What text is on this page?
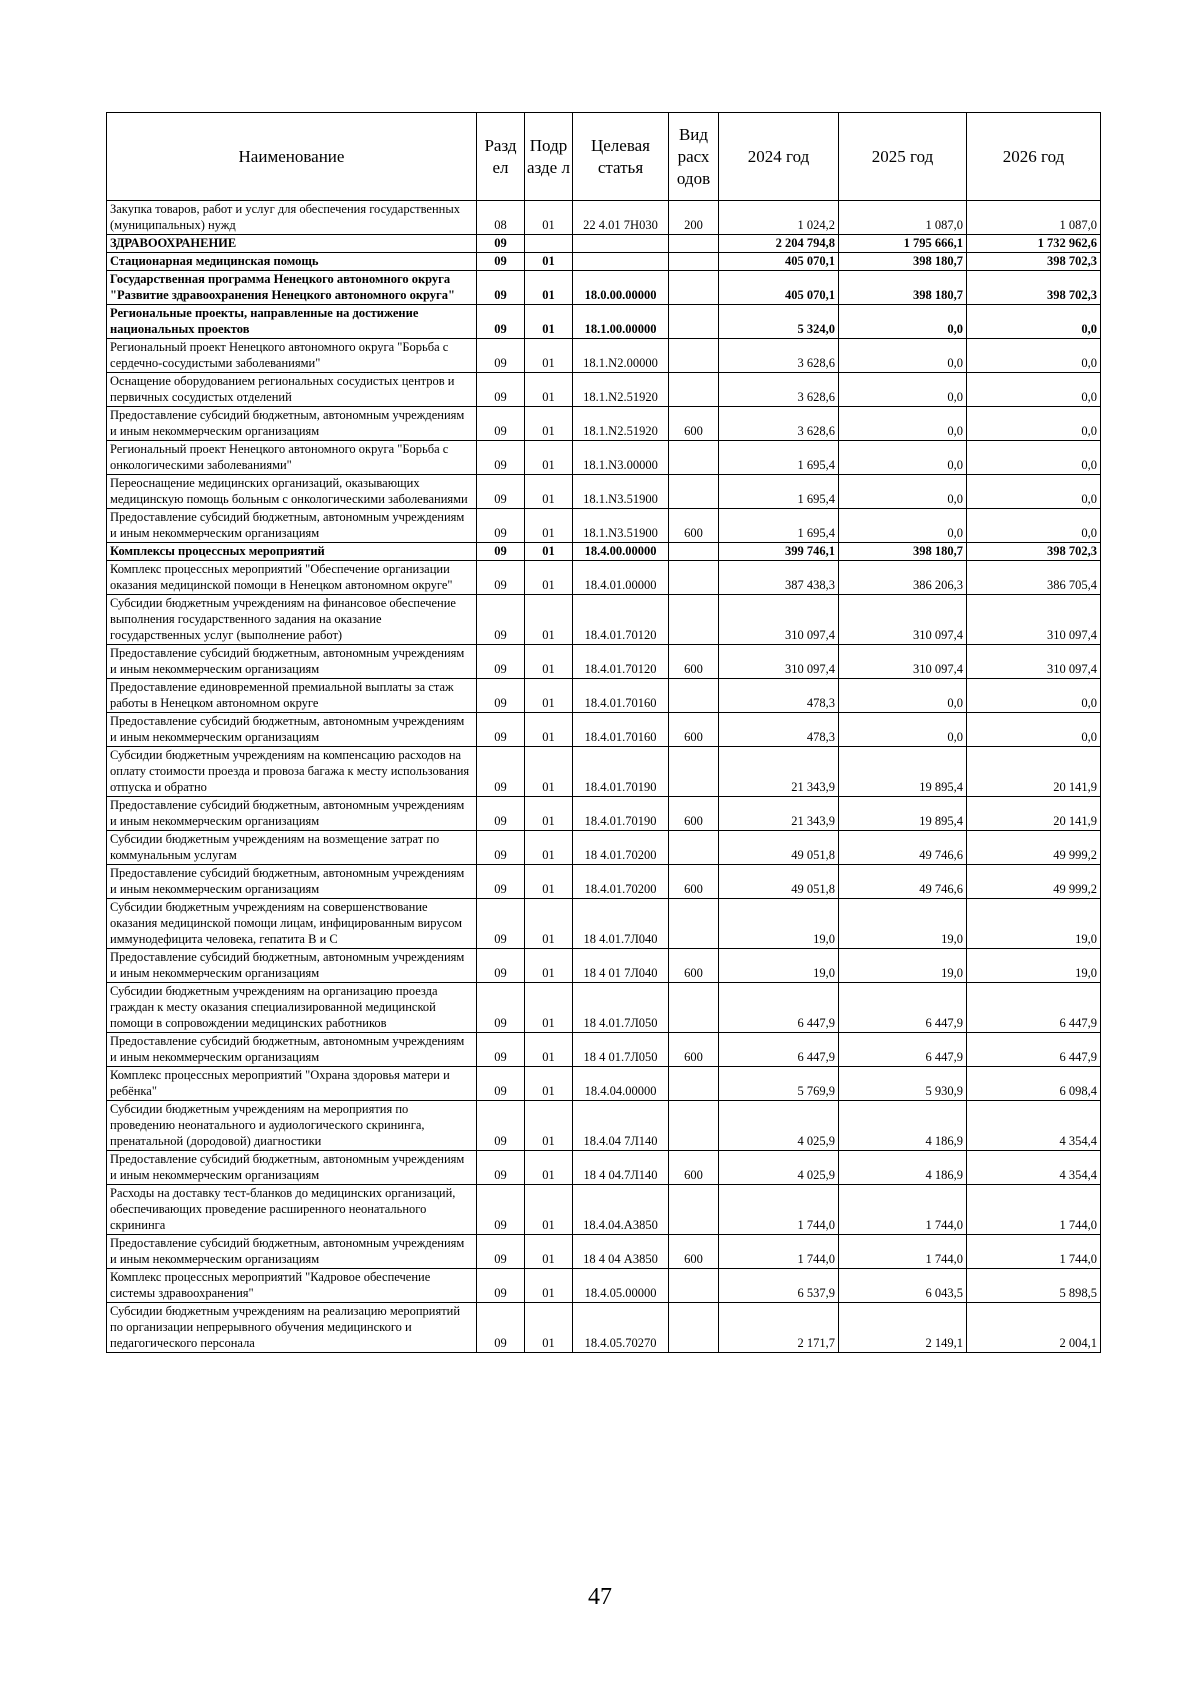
Наименование	Разд ел	Подр азде л	Целевая статья	Вид расх одов	2024 год	2025 год	2026 год
Закупка товаров, работ и услуг для обеспечения государственных (муниципальных) нужд	08	01	22 4.01 7Н030	200	1 024,2	1 087,0	1 087,0
ЗДРАВООХРАНЕНИЕ	09				2 204 794,8	1 795 666,1	1 732 962,6
Стационарная медицинская помощь	09	01			405 070,1	398 180,7	398 702,3
Государственная программа Ненецкого автономного округа "Развитие здравоохранения Ненецкого автономного округа"	09	01	18.0.00.00000		405 070,1	398 180,7	398 702,3
Региональные проекты, направленные на достижение национальных проектов	09	01	18.1.00.00000		5 324,0	0,0	0,0
Региональный проект Ненецкого автономного округа "Борьба с сердечно-сосудистыми заболеваниями"	09	01	18.1.N2.00000		3 628,6	0,0	0,0
Оснащение оборудованием региональных сосудистых центров и первичных сосудистых отделений	09	01	18.1.N2.51920		3 628,6	0,0	0,0
Предоставление субсидий бюджетным, автономным учреждениям и иным некоммерческим организациям	09	01	18.1.N2.51920	600	3 628,6	0,0	0,0
Региональный проект Ненецкого автономного округа "Борьба с онкологическими заболеваниями"	09	01	18.1.N3.00000		1 695,4	0,0	0,0
Переоснащение медицинских организаций, оказывающих медицинскую помощь больным с онкологическими заболеваниями	09	01	18.1.N3.51900		1 695,4	0,0	0,0
Предоставление субсидий бюджетным, автономным учреждениям и иным некоммерческим организациям	09	01	18.1.N3.51900	600	1 695,4	0,0	0,0
Комплексы процессных мероприятий	09	01	18.4.00.00000		399 746,1	398 180,7	398 702,3
Комплекс процессных мероприятий "Обеспечение организации оказания медицинской помощи в Ненецком автономном округе"	09	01	18.4.01.00000		387 438,3	386 206,3	386 705,4
Субсидии бюджетным учреждениям на финансовое обеспечение выполнения государственного задания на оказание государственных услуг (выполнение работ)	09	01	18.4.01.70120		310 097,4	310 097,4	310 097,4
Предоставление субсидий бюджетным, автономным учреждениям и иным некоммерческим организациям	09	01	18.4.01.70120	600	310 097,4	310 097,4	310 097,4
Предоставление единовременной премиальной выплаты за стаж работы в Ненецком автономном округе	09	01	18.4.01.70160		478,3	0,0	0,0
Предоставление субсидий бюджетным, автономным учреждениям и иным некоммерческим организациям	09	01	18.4.01.70160	600	478,3	0,0	0,0
Субсидии бюджетным учреждениям на компенсацию расходов на оплату стоимости проезда и провоза багажа к месту использования отпуска и обратно	09	01	18.4.01.70190		21 343,9	19 895,4	20 141,9
Предоставление субсидий бюджетным, автономным учреждениям и иным некоммерческим организациям	09	01	18.4.01.70190	600	21 343,9	19 895,4	20 141,9
Субсидии бюджетным учреждениям на возмещение затрат по коммунальным услугам	09	01	18 4.01.70200		49 051,8	49 746,6	49 999,2
Предоставление субсидий бюджетным, автономным учреждениям и иным некоммерческим организациям	09	01	18.4.01.70200	600	49 051,8	49 746,6	49 999,2
Субсидии бюджетным учреждениям на совершенствование оказания медицинской помощи лицам, инфицированным вирусом иммунодефицита человека, гепатита В и С	09	01	18 4.01.7Л040		19,0	19,0	19,0
Предоставление субсидий бюджетным, автономным учреждениям и иным некоммерческим организациям	09	01	18 4 01 7Л040	600	19,0	19,0	19,0
Субсидии бюджетным учреждениям на организацию проезда граждан к месту оказания специализированной медицинской помощи в сопровождении медицинских работников	09	01	18 4.01.7Л050		6 447,9	6 447,9	6 447,9
Предоставление субсидий бюджетным, автономным учреждениям и иным некоммерческим организациям	09	01	18 4 01.7Л050	600	6 447,9	6 447,9	6 447,9
Комплекс процессных мероприятий "Охрана здоровья матери и ребёнка"	09	01	18.4.04.00000		5 769,9	5 930,9	6 098,4
Субсидии бюджетным учреждениям на мероприятия по проведению неонатального и аудиологического скрининга, пренатальной (дородовой) диагностики	09	01	18.4.04 7Л140		4 025,9	4 186,9	4 354,4
Предоставление субсидий бюджетным, автономным учреждениям и иным некоммерческим организациям	09	01	18 4 04.7Л140	600	4 025,9	4 186,9	4 354,4
Расходы на доставку тест-бланков до медицинских организаций, обеспечивающих проведение расширенного неонатального скрининга	09	01	18.4.04.А3850		1 744,0	1 744,0	1 744,0
Предоставление субсидий бюджетным, автономным учреждениям и иным некоммерческим организациям	09	01	18 4 04 А3850	600	1 744,0	1 744,0	1 744,0
Комплекс процессных мероприятий "Кадровое обеспечение системы здравоохранения"	09	01	18.4.05.00000		6 537,9	6 043,5	5 898,5
Субсидии бюджетным учреждениям на реализацию мероприятий по организации непрерывного обучения медицинского и педагогического персонала	09	01	18.4.05.70270		2 171,7	2 149,1	2 004,1
47
